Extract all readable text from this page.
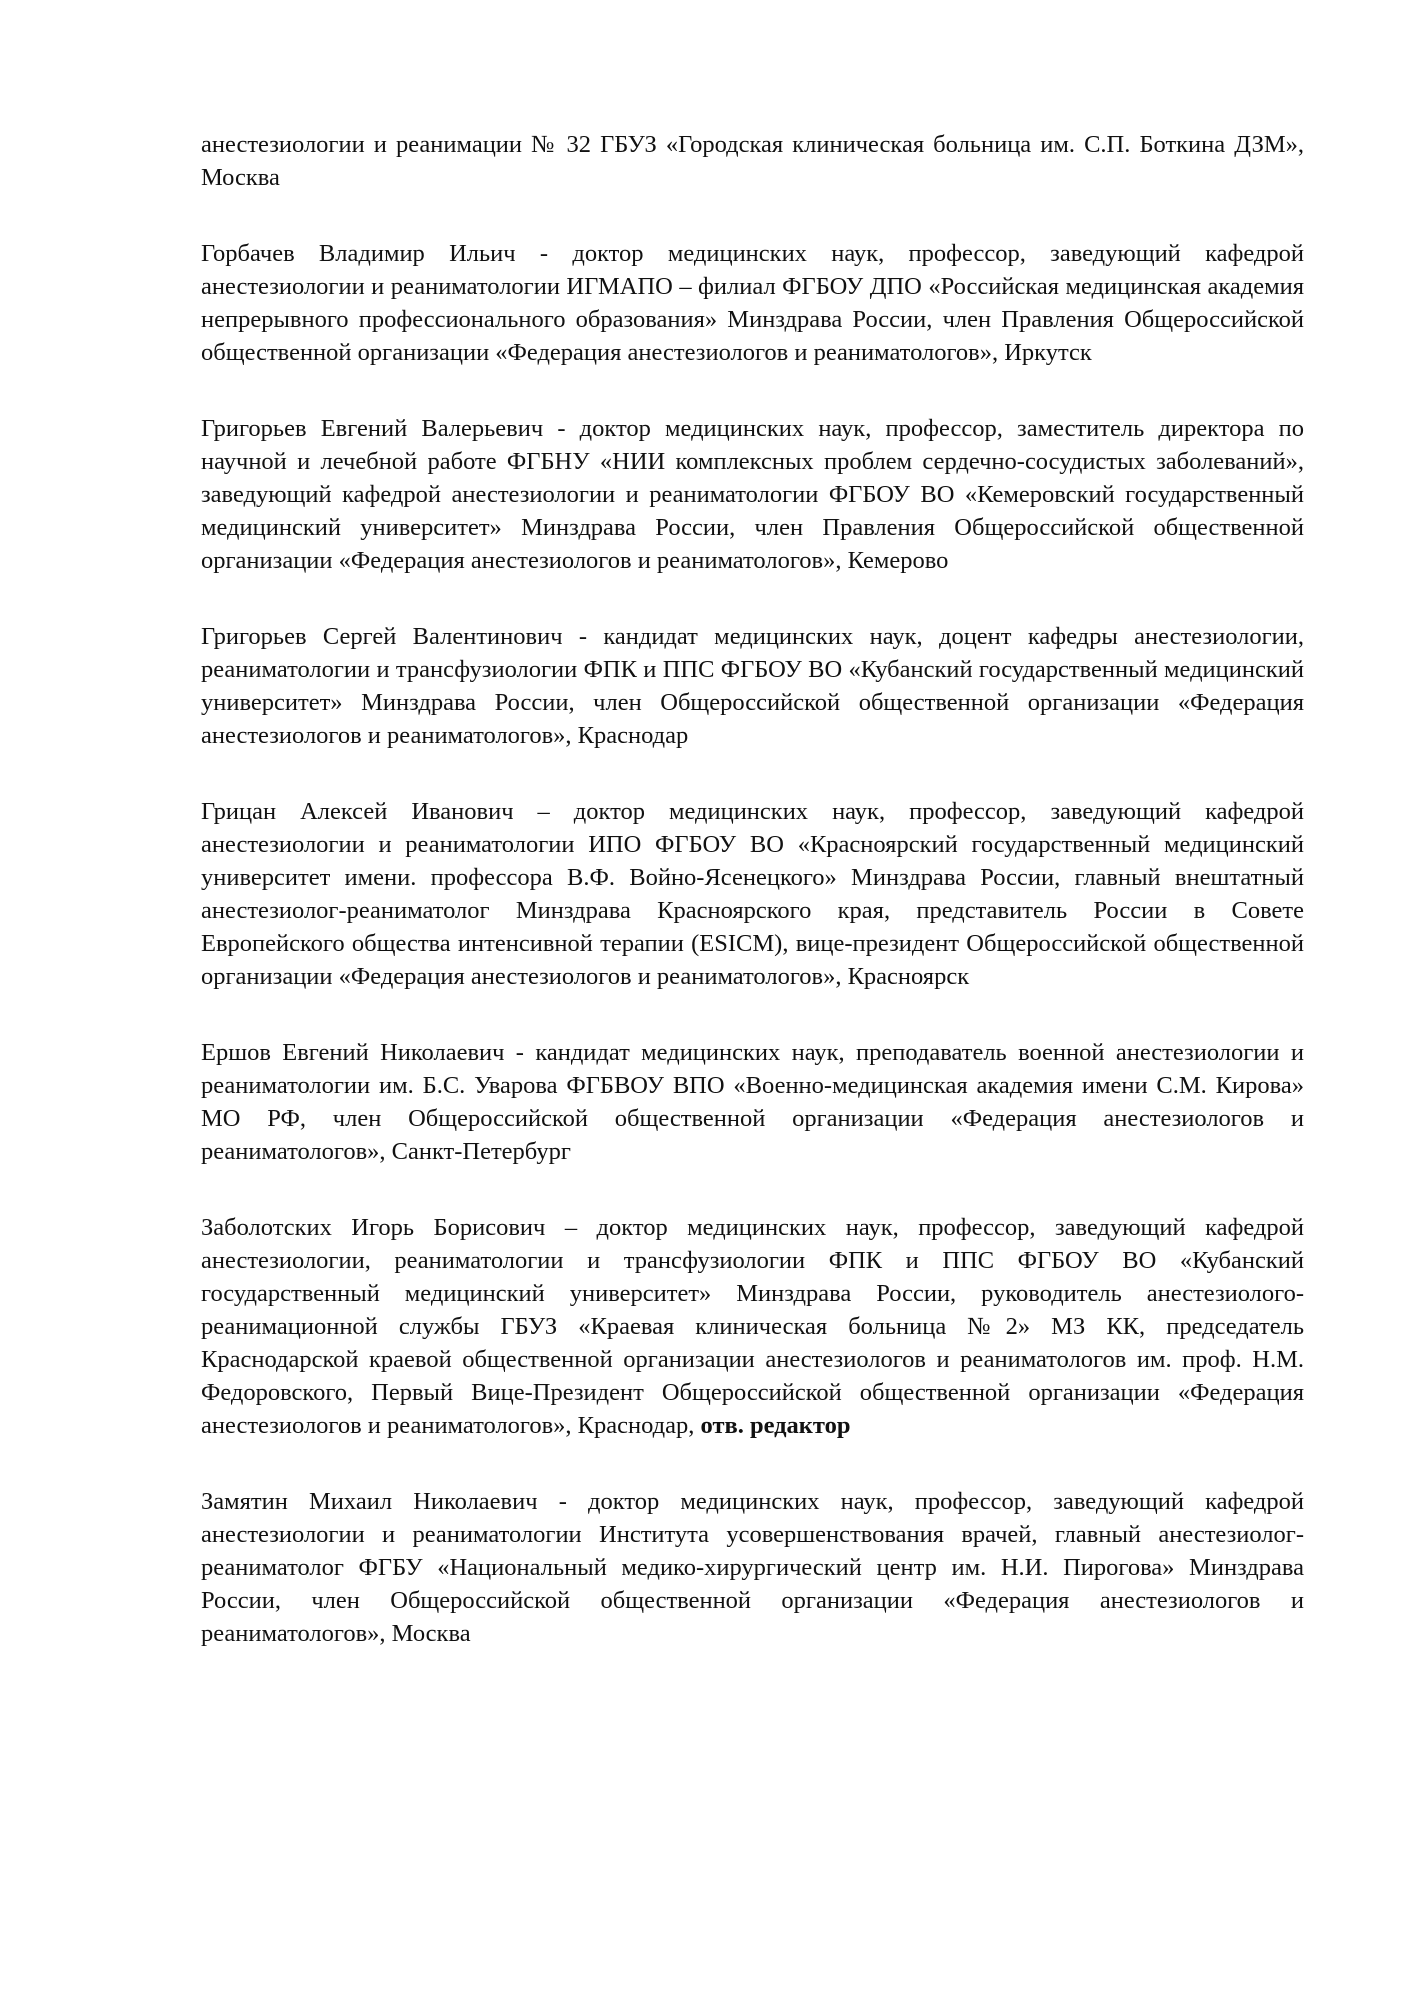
анестезиологии и реанимации № 32 ГБУЗ «Городская клиническая больница им. С.П. Боткина ДЗМ», Москва

Горбачев Владимир Ильич - доктор медицинских наук, профессор, заведующий кафедрой анестезиологии и реаниматологии ИГМАПО – филиал ФГБОУ ДПО «Российская медицинская академия непрерывного профессионального образования» Минздрава России, член Правления Общероссийской общественной организации «Федерация анестезиологов и реаниматологов», Иркутск

Григорьев Евгений Валерьевич - доктор медицинских наук, профессор, заместитель директора по научной и лечебной работе ФГБНУ «НИИ комплексных проблем сердечно-сосудистых заболеваний», заведующий кафедрой анестезиологии и реаниматологии ФГБОУ ВО «Кемеровский государственный медицинский университет» Минздрава России, член Правления Общероссийской общественной организации «Федерация анестезиологов и реаниматологов», Кемерово

Григорьев Сергей Валентинович - кандидат медицинских наук, доцент кафедры анестезиологии, реаниматологии и трансфузиологии ФПК и ППС ФГБОУ ВО «Кубанский государственный медицинский университет» Минздрава России, член Общероссийской общественной организации «Федерация анестезиологов и реаниматологов», Краснодар

Грицан Алексей Иванович – доктор медицинских наук, профессор, заведующий кафедрой анестезиологии и реаниматологии ИПО ФГБОУ ВО «Красноярский государственный медицинский университет имени. профессора В.Ф. Войно-Ясенецкого» Минздрава России, главный внештатный анестезиолог-реаниматолог Минздрава Красноярского края, представитель России в Совете Европейского общества интенсивной терапии (ESICM), вице-президент Общероссийской общественной организации «Федерация анестезиологов и реаниматологов», Красноярск

Ершов Евгений Николаевич - кандидат медицинских наук, преподаватель военной анестезиологии и реаниматологии им. Б.С. Уварова ФГБВОУ ВПО «Военно-медицинская академия имени С.М. Кирова» МО РФ, член Общероссийской общественной организации «Федерация анестезиологов и реаниматологов», Санкт-Петербург

Заболотских Игорь Борисович – доктор медицинских наук, профессор, заведующий кафедрой анестезиологии, реаниматологии и трансфузиологии ФПК и ППС ФГБОУ ВО «Кубанский государственный медицинский университет» Минздрава России, руководитель анестезиолого-реанимационной службы ГБУЗ «Краевая клиническая больница №2» МЗ КК, председатель Краснодарской краевой общественной организации анестезиологов и реаниматологов им. проф. Н.М. Федоровского, Первый Вице-Президент Общероссийской общественной организации «Федерация анестезиологов и реаниматологов», Краснодар, отв. редактор

Замятин Михаил Николаевич - доктор медицинских наук, профессор, заведующий кафедрой анестезиологии и реаниматологии Института усовершенствования врачей, главный анестезиолог-реаниматолог ФГБУ «Национальный медико-хирургический центр им. Н.И. Пирогова» Минздрава России, член Общероссийской общественной организации «Федерация анестезиологов и реаниматологов», Москва
